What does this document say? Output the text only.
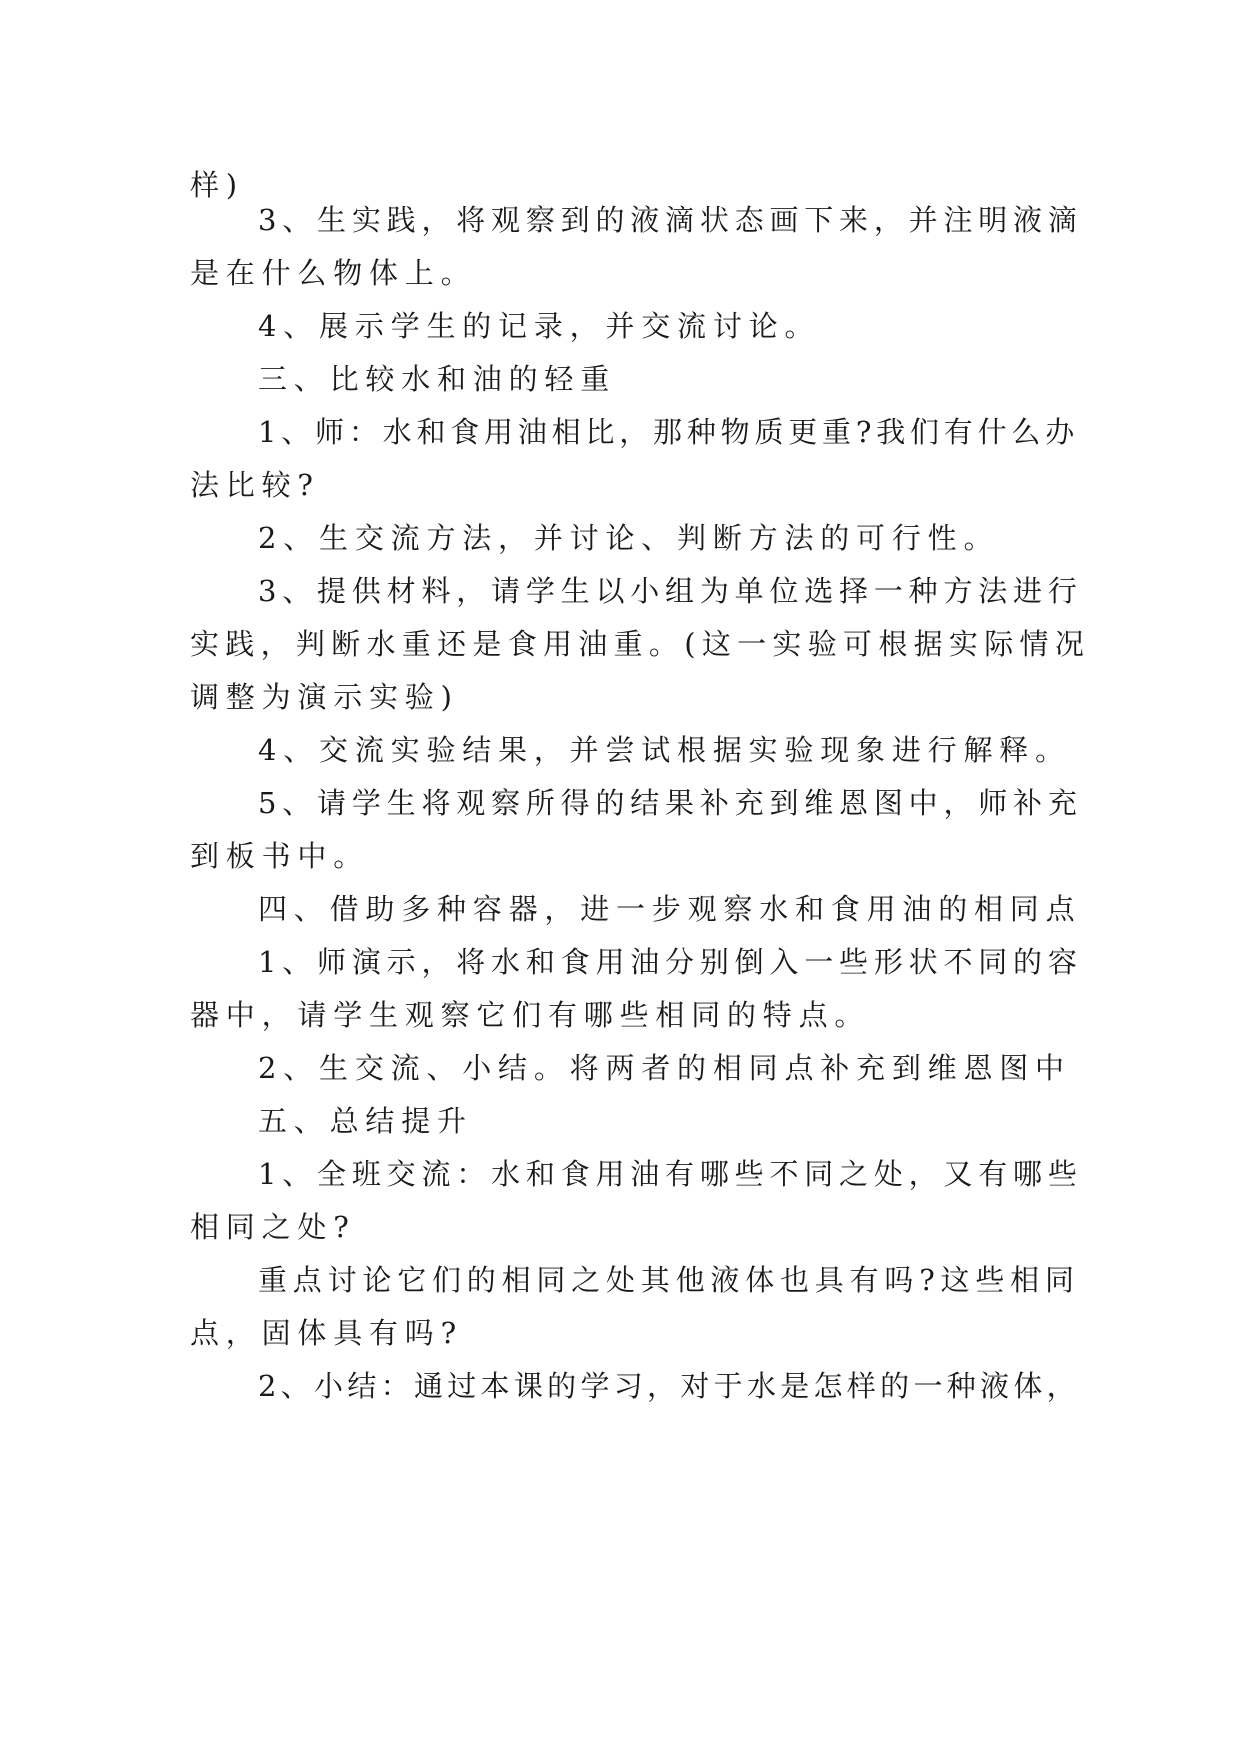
样)
3、生实践，将观察到的液滴状态画下来，并注明液滴
是在什么物体上。
4、展示学生的记录，并交流讨论。
三、比较水和油的轻重
1、师：水和食用油相比，那种物质更重?我们有什么办
法比较?
2、生交流方法，并讨论、判断方法的可行性。
3、提供材料，请学生以小组为单位选择一种方法进行
实践，判断水重还是食用油重。(这一实验可根据实际情况
调整为演示实验)
4、交流实验结果，并尝试根据实验现象进行解释。
5、请学生将观察所得的结果补充到维恩图中，师补充
到板书中。
四、借助多种容器，进一步观察水和食用油的相同点
1、师演示，将水和食用油分别倒入一些形状不同的容
器中，请学生观察它们有哪些相同的特点。
2、生交流、小结。将两者的相同点补充到维恩图中
五、总结提升
1、全班交流：水和食用油有哪些不同之处，又有哪些
相同之处?
重点讨论它们的相同之处其他液体也具有吗?这些相同
点，固体具有吗?
2、小结：通过本课的学习，对于水是怎样的一种液体，
